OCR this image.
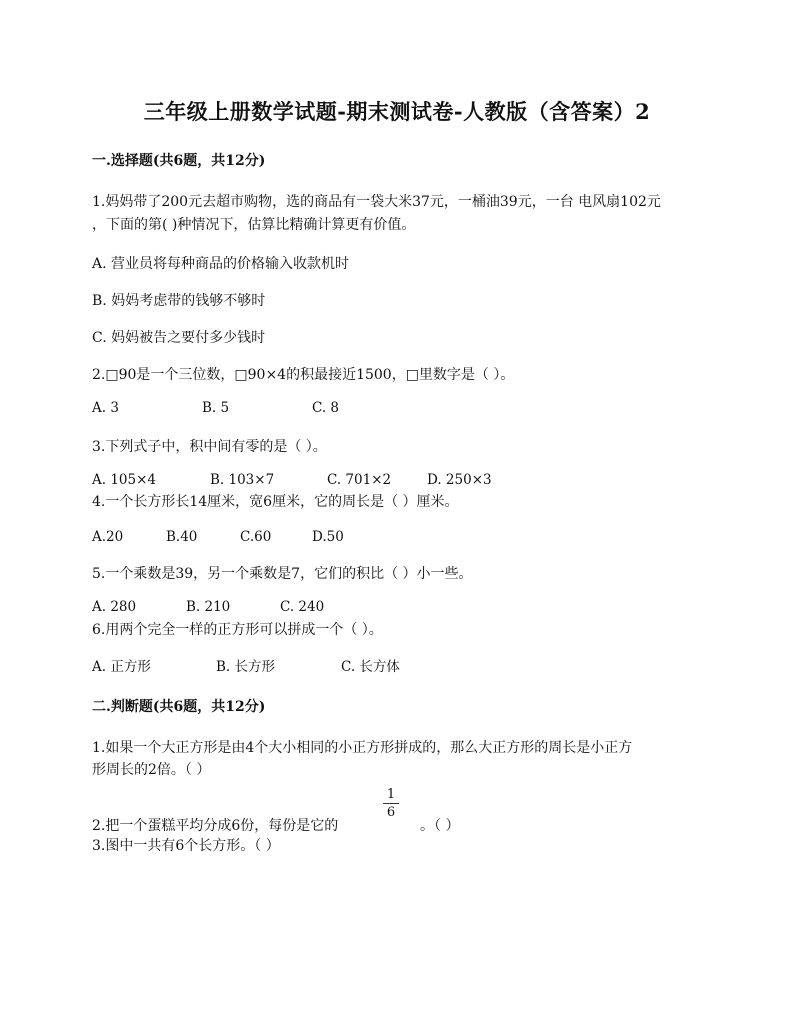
三年级上册数学试题-期末测试卷-人教版（含答案）2
一.选择题(共6题，共12分)
1.妈妈带了200元去超市购物，选的商品有一袋大米37元，一桶油39元，一台 电风扇102元
，下面的第( )种情况下，估算比精确计算更有价值。
A. 营业员将每种商品的价格输入收款机时
B. 妈妈考虑带的钱够不够时
C. 妈妈被告之要付多少钱时
2.□90是一个三位数，□90×4的积最接近1500，□里数字是（ ）。
A. 3	B. 5	C. 8
3.下列式子中，积中间有零的是（ ）。
A. 105×4	B. 103×7	C. 701×2	D. 250×3
4.一个长方形长14厘米，宽6厘米，它的周长是（ ）厘米。
A.20	B.40	C.60	D.50
5.一个乘数是39，另一个乘数是7，它们的积比（ ）小一些。
A. 280	B. 210	C. 240
6.用两个完全一样的正方形可以拼成一个（ ）。
A. 正方形	B. 长方形	C. 长方体
二.判断题(共6题，共12分)
1.如果一个大正方形是由4个大小相同的小正方形拼成的，那么大正方形的周长是小正方
形周长的2倍。（ ）
1
6
2.把一个蛋糕平均分成6份，每份是它的	。（ ）
3.图中一共有6个长方形。（ ）
